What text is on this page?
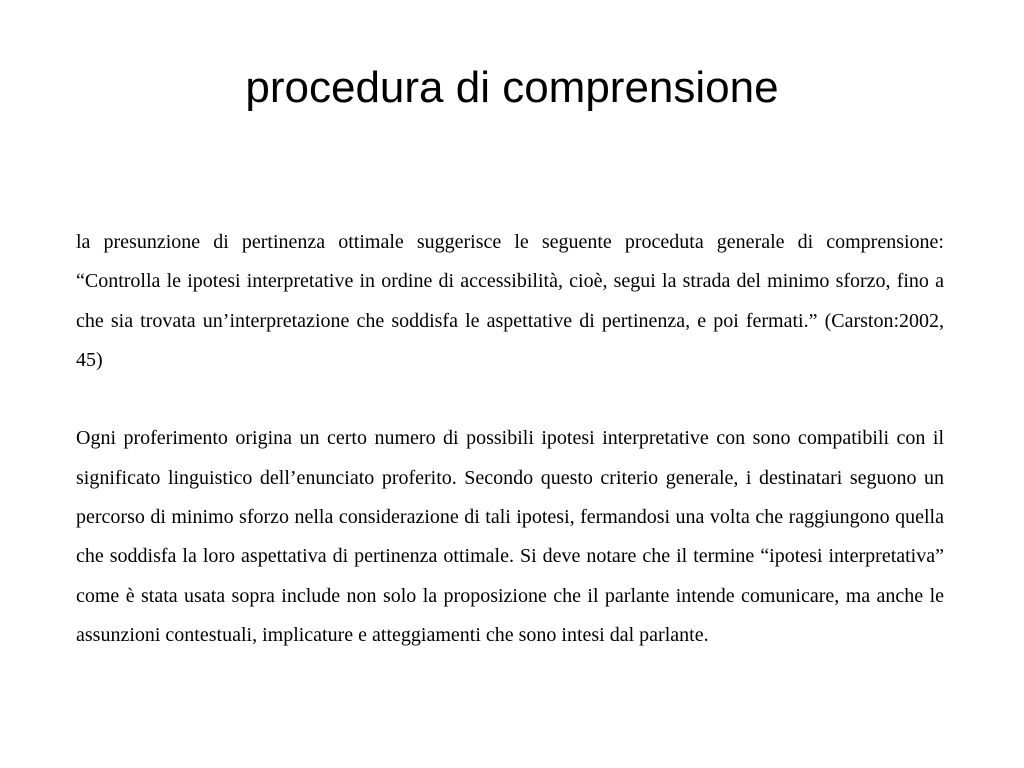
procedura di comprensione

la presunzione di pertinenza ottimale suggerisce le seguente proceduta generale di comprensione: “Controlla le ipotesi interpretative in ordine di accessibilità, cioè, segui la strada del minimo sforzo, fino a che sia trovata un’interpretazione che soddisfa le aspettative di pertinenza, e poi fermati.” (Carston:2002, 45)

Ogni proferimento origina un certo numero di possibili ipotesi interpretative con sono compatibili con il significato linguistico dell’enunciato proferito. Secondo questo criterio generale, i destinatari seguono un percorso di minimo sforzo nella considerazione di tali ipotesi, fermandosi una volta che raggiungono quella che soddisfa la loro aspettativa di pertinenza ottimale. Si deve notare che il termine “ipotesi interpretativa” come è stata usata sopra include non solo la proposizione che il parlante intende comunicare, ma anche le assunzioni contestuali, implicature e atteggiamenti che sono intesi dal parlante.
